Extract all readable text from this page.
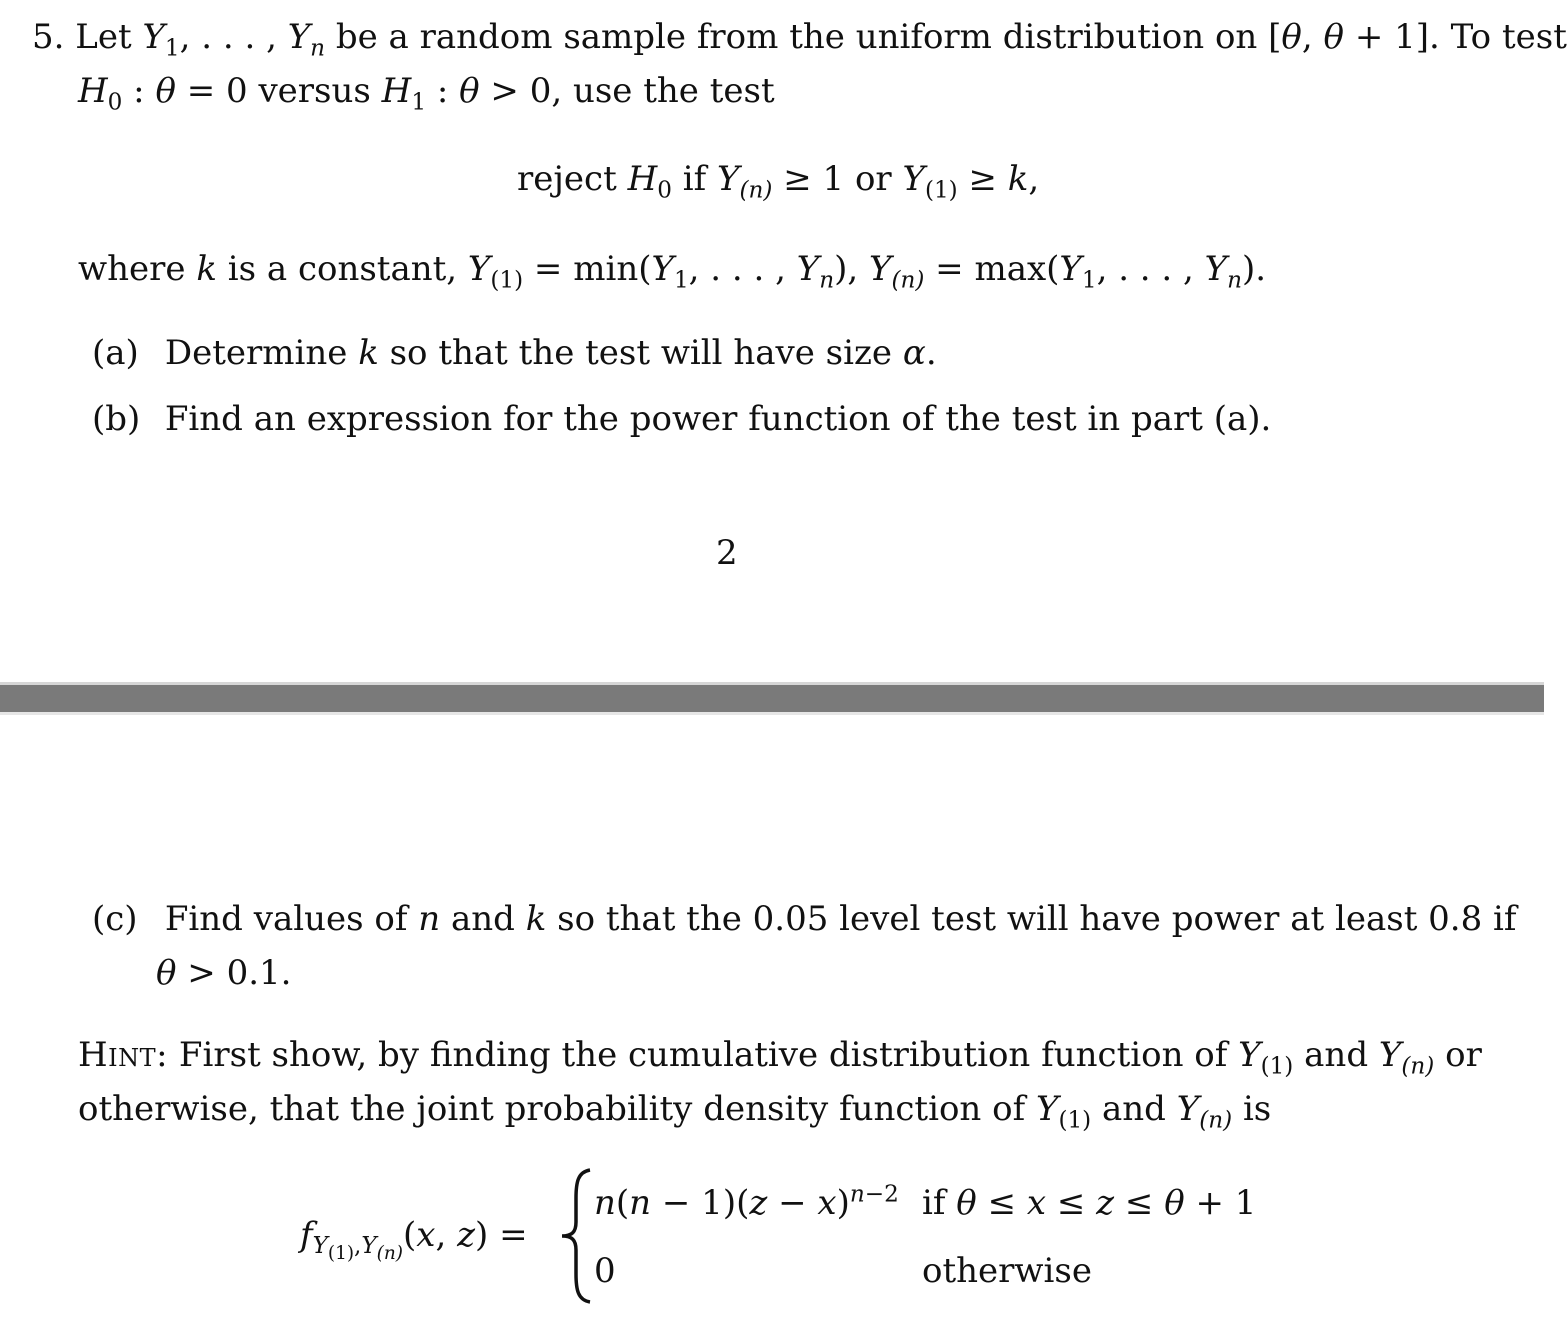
5. Let $Y_1$, . . . , $Y_n$ be a random sample from the uniform distribution on [θ, θ + 1]. To test
$H_0$ : θ = 0 versus $H_1$ : θ > 0, use the test
reject $H_0$ if $Y_{(n)} \ge 1$ or $Y_{(1)} \ge k$,
where k is a constant, $Y_{(1)} = \min(Y_1$, . . . , $Y_n$), $Y_{(n)} = \max(Y_1$, . . . , $Y_n$).
(a) Determine k so that the test will have size α.
(b) Find an expression for the power function of the test in part (a).
2
(c) Find values of n and k so that the 0.05 level test will have power at least 0.8 if
θ > 0.1.
Hint: First show, by finding the cumulative distribution function of $Y_{(1)}$ and $Y_{(n)}$ or
otherwise, that the joint probability density function of $Y_{(1)}$ and $Y_{(n)}$ is
$f_{Y_{(1)},Y_{(n)}}(x$, z) =
$n(n - 1)(z - x)^{n-2}$ if θ ≤ x ≤ z ≤ θ + 1
0	otherwise
